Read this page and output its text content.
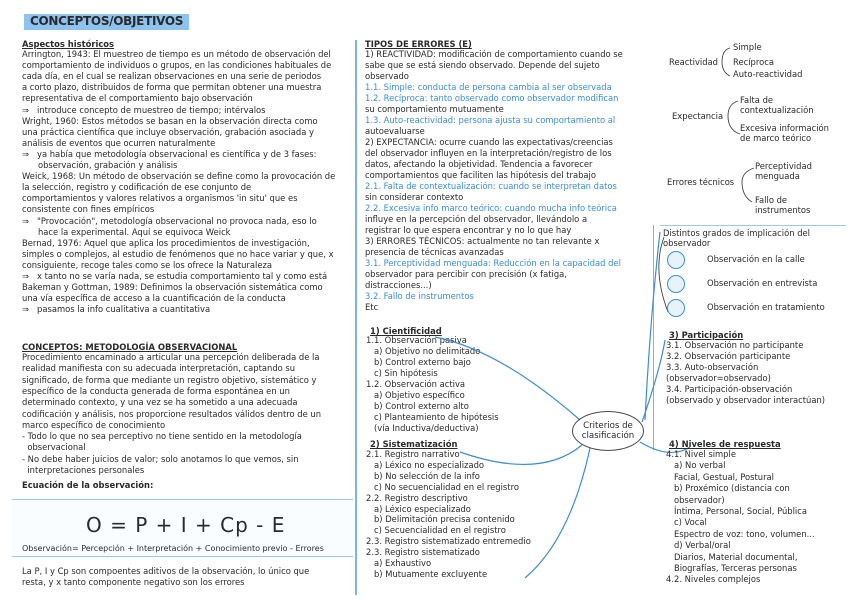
CONCEPTOS/OBJETIVOS
Aspectos históricos
Arrington, 1943: El muestreo de tiempo es un método de observación del
comportamiento de individuos o grupos, en las condiciones habituales de
cada día, en el cual se realizan observaciones en una serie de periodos
a corto plazo, distribuidos de forma que permitan obtener una muestra
representativa de el comportamiento bajo observación
⇒   introduce concepto de muestreo de tiempo; intérvalos
Wright, 1960: Estos métodos se basan en la observación directa como
una práctica científica que incluye observación, grabación asociada y
análisis de eventos que ocurren naturalmente
⇒   ya había que metodología observacional es científica y de 3 fases:
observación, grabación y análisis
Weick, 1968: Un método de observación se define como la provocación de
la selección, registro y codificación de ese conjunto de
comportamientos y valores relativos a organismos 'in situ' que es
consistente con fines empíricos
⇒   "Provocación", metodología observacional no provoca nada, eso lo
hace la experimental. Aquí se equivoca Weick
Bernad, 1976: Aquel que aplica los procedimientos de investigación,
simples o complejos, al estudio de fenómenos que no hace variar y que, x
consiguiente, recoge tales como se los ofrece la Naturaleza
⇒   x tanto no se varía nada, se estudia comportamiento tal y como está
Bakeman y Gottman, 1989: Definimos la observación sistemática como
una vía específica de acceso a la cuantificación de la conducta
⇒   pasamos la info cualitativa a cuantitativa
CONCEPTOS: METODOLOGÍA OBSERVACIONAL
Procedimiento encaminado a articular una percepción deliberada de la
realidad manifiesta con su adecuada interpretación, captando su
significado, de forma que mediante un registro objetivo, sistemático y
específico de la conducta generada de forma espontánea en un
determinado contexto, y una vez se ha sometido a una adecuada
codificación y análisis, nos proporcione resultados válidos dentro de un
marco específico de conocimiento
- Todo lo que no sea perceptivo no tiene sentido en la metodología
observacional
- No debe haber juicios de valor; solo anotamos lo que vemos, sin
interpretaciones personales
Ecuación de la observación:
O = P + I + Cp - E
Observación= Percepción + Interpretación + Conocimiento previo - Errores
La P, I y Cp son compoentes aditivos de la observación, lo único que
resta, y x tanto componente negativo son los errores
TIPOS DE ERRORES (E)
1) REACTIVIDAD: modificación de comportamiento cuando se
sabe que se está siendo observado. Depende del sujeto
observado
1.1. Simple: conducta de persona cambia al ser observada
1.2. Recíproca: tanto observado como observador modifican
su comportamiento mutuamente
1.3. Auto-reactividad: persona ajusta su comportamiento al
autoevaluarse
2) EXPECTANCIA: ocurre cuando las expectativas/creencias
del observador influyen en la interpretación/registro de los
datos, afectando la objetividad. Tendencia a favorecer
comportamientos que faciliten las hipótesis del trabajo
2.1. Falta de contextualización: cuando se interpretan datos
sin considerar contexto
2.2. Excesiva info marco teórico: cuando mucha info teórica
influye en la percepción del observador, llevándolo a
registrar lo que espera encontrar y no lo que hay
3) ERRORES TÉCNICOS: actualmente no tan relevante x
presencia de técnicas avanzadas
3.1. Perceptividad menguada: Reducción en la capacidad del
observador para percibir con precisión (x fatiga,
distracciones...)
3.2. Fallo de instrumentos
Etc
1) Cientificidad
1.1. Observación pasiva
a) Objetivo no delimitado
b) Control externo bajo
c) Sin hipótesis
1.2. Observación activa
a) Objetivo específico
b) Control externo alto
c) Planteamiento de hipótesis
(vía Inductiva/deductiva)
2) Sistematización
2.1. Registro narrativo
a) Léxico no especializado
b) No selección de la info
c) No secuencialidad en el registro
2.2. Registro descriptivo
a) Léxico especializado
b) Delimitación precisa contenido
c) Secuencialidad en el registro
2.3. Registro sistematizado entremedio
2.3. Registro sistematizado
a) Exhaustivo
b) Mutuamente excluyente
Criterios de clasificación
Reactividad
Simple
Recíproca
Auto-reactividad
Expectancia
Falta de contextualización
Excesiva información de marco teórico
Errores técnicos
Perceptividad menguada
Fallo de instrumentos
Distintos grados de implicación del observador
Observación en la calle
Observación en entrevista
Observación en tratamiento
3) Participación
3.1. Observación no participante
3.2. Observación participante
3.3. Auto-observación
(observador=observado)
3.4. Participación-observación
(observado y observador interactúan)
4) Niveles de respuesta
4.1. Nivel simple
a) No verbal
Facial, Gestual, Postural
b) Proxémico (distancia con
observador)
Íntima, Personal, Social, Pública
c) Vocal
Espectro de voz: tono, volumen...
d) Verbal/oral
Diarios, Material documental,
Biografías, Terceras personas
4.2. Niveles complejos
